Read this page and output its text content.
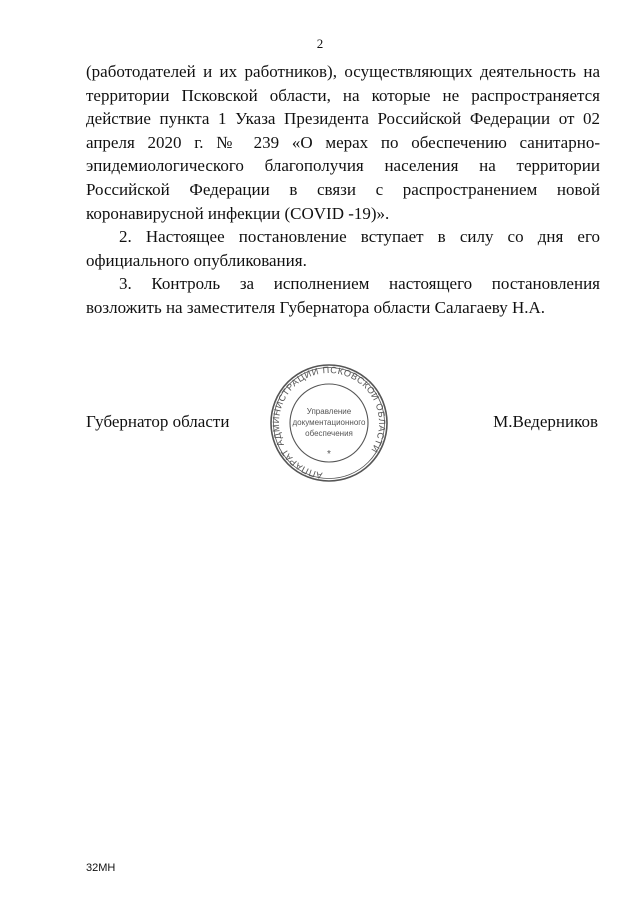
2

(работодателей и их работников), осуществляющих деятельность на территории Псковской области, на которые не распространяется действие пункта 1 Указа Президента Российской Федерации от 02 апреля 2020 г. № 239 «О мерах по обеспечению санитарно-эпидемиологического благополучия населения на территории Российской Федерации в связи с распространением новой коронавирусной инфекции (COVID -19)».

2. Настоящее постановление вступает в силу со дня его официального опубликования.

3. Контроль за исполнением настоящего постановления возложить на заместителя Губернатора области Салагаеву Н.А.

Губернатор области	М.Ведерников
АППАРАТ АДМИНИСТРАЦИИ ПСКОВСКОЙ ОБЛАСТИ
Управление
документационного
обеспечения
*
32МН
